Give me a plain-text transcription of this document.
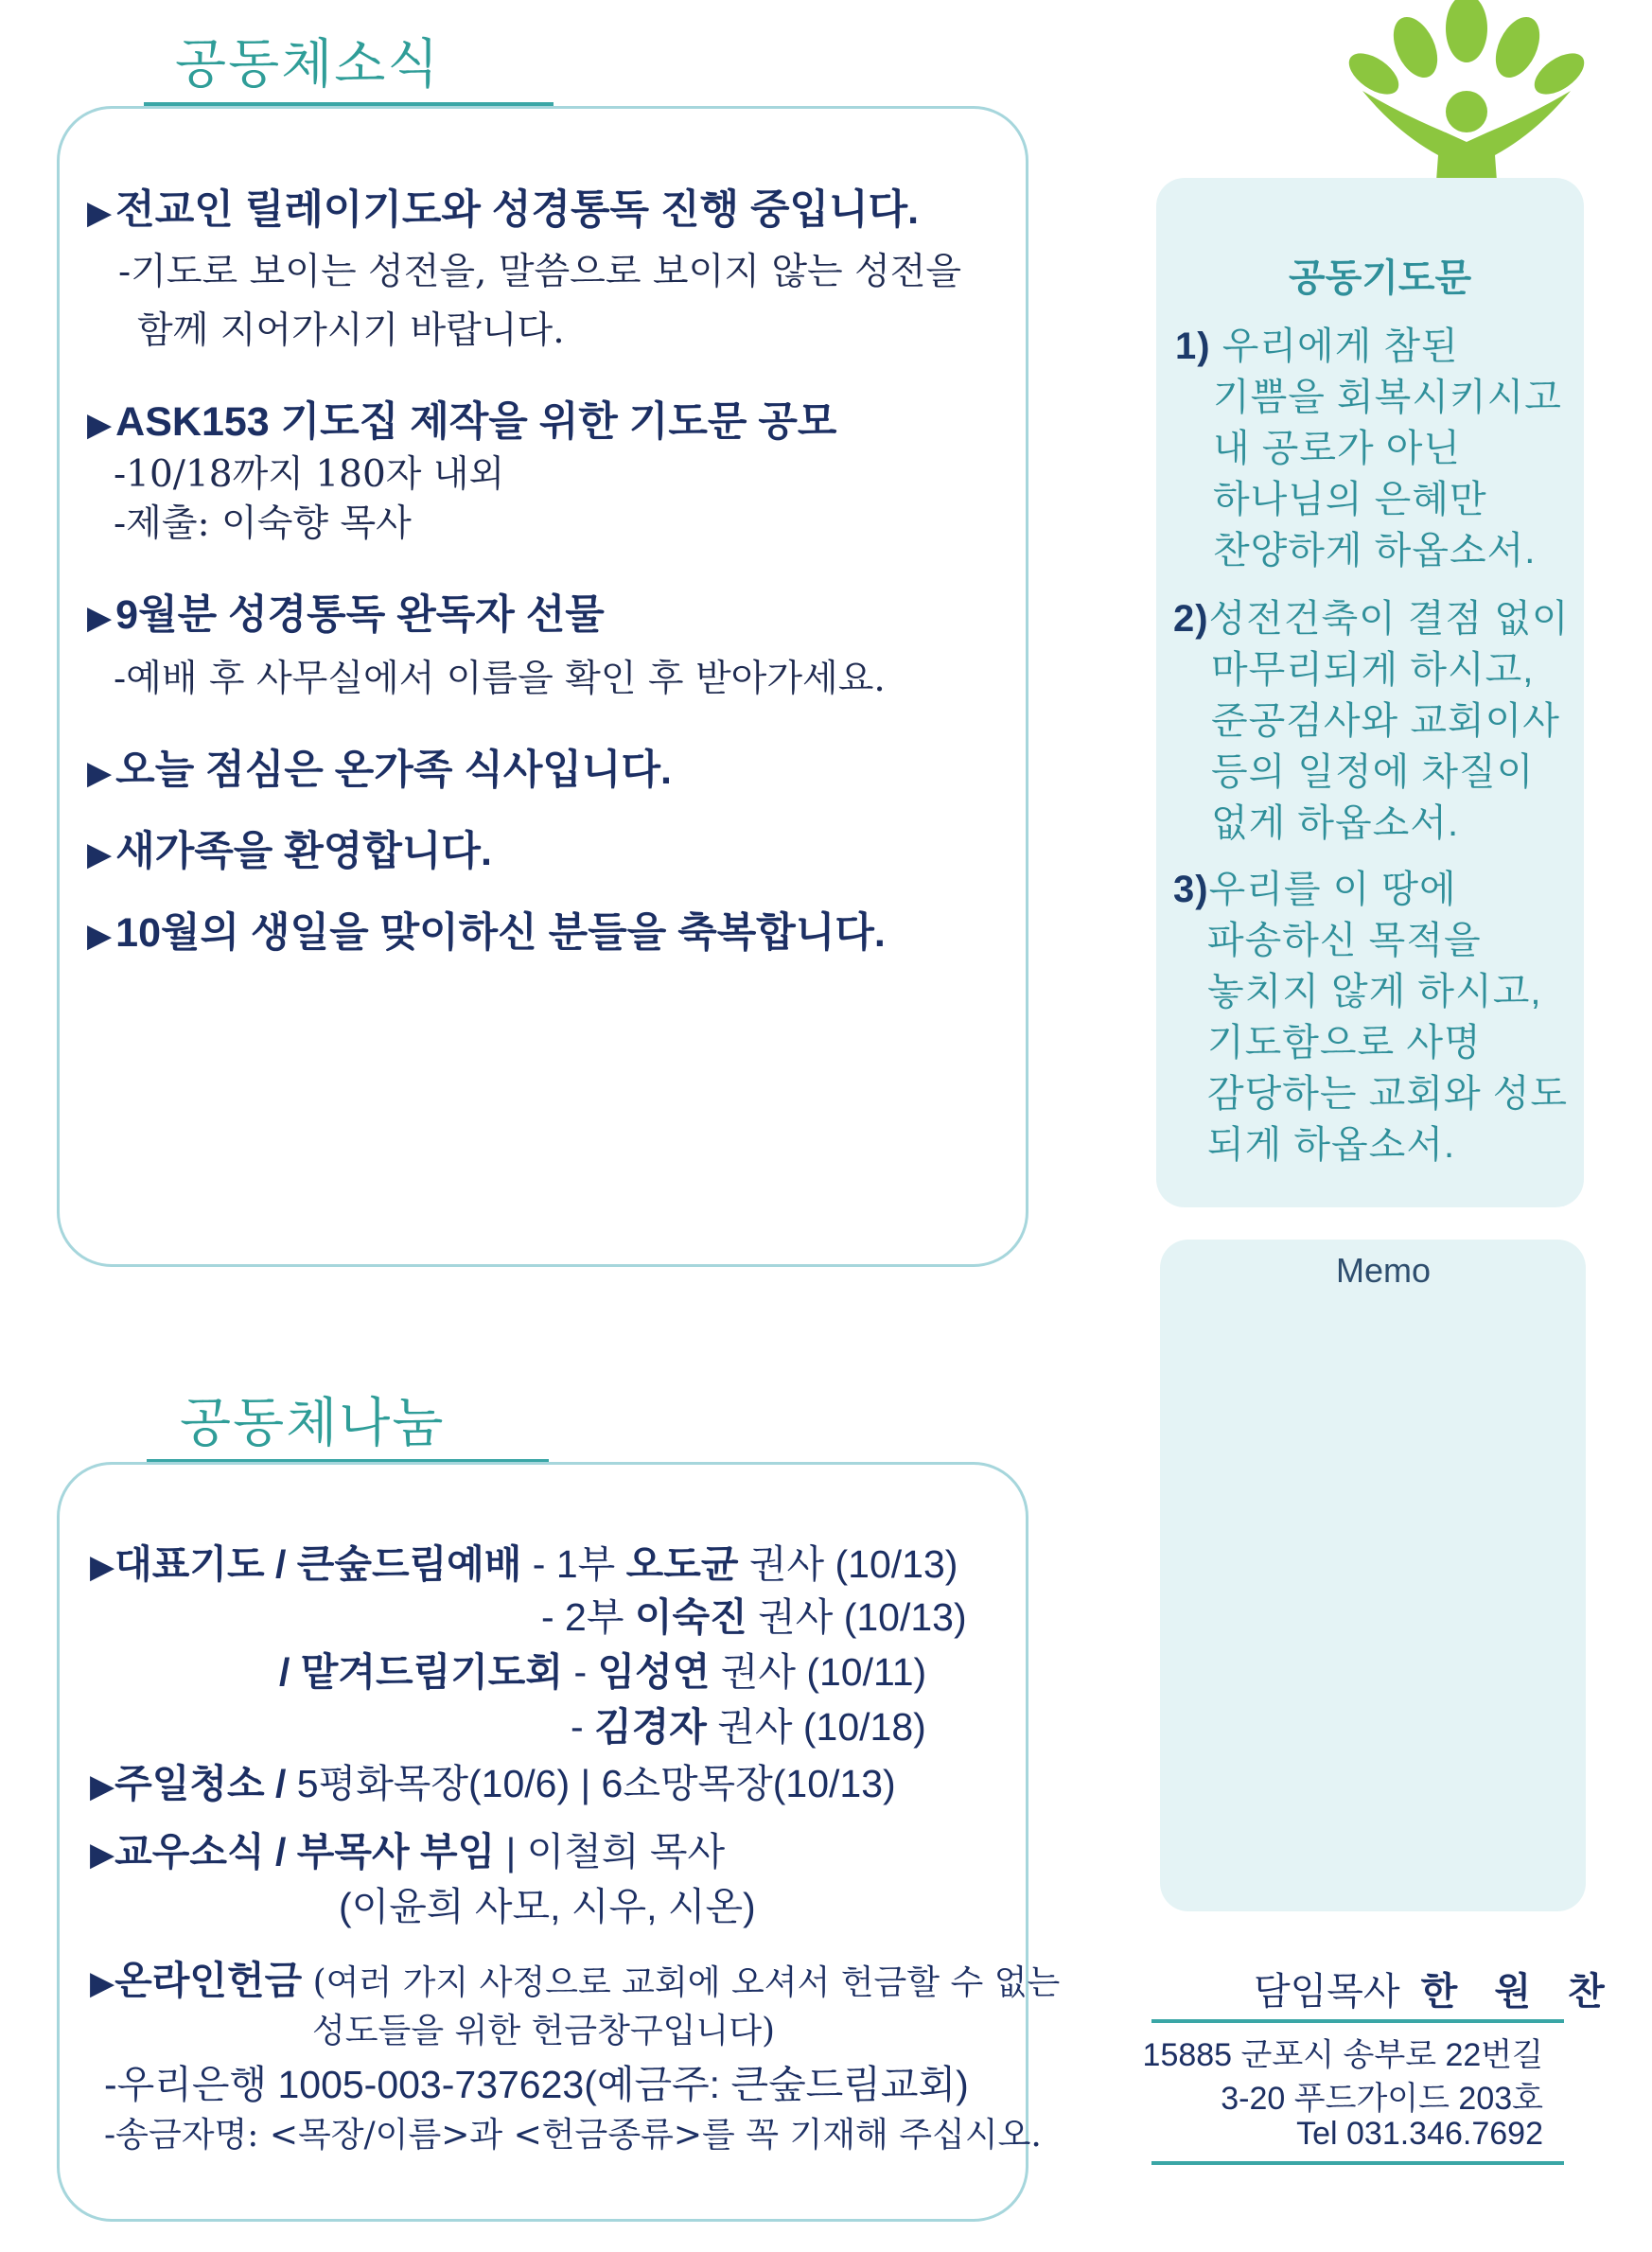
공동체소식
▶전교인 릴레이기도와 성경통독 진행 중입니다.
-기도로 보이는 성전을, 말씀으로 보이지 않는 성전을
함께 지어가시기 바랍니다.
▶ASK153 기도집 제작을 위한 기도문 공모
-10/18까지 180자 내외
-제출: 이숙향 목사
▶9월분 성경통독 완독자 선물
-예배 후 사무실에서 이름을 확인 후 받아가세요.
▶오늘 점심은 온가족 식사입니다.
▶새가족을 환영합니다.
▶10월의 생일을 맞이하신 분들을 축복합니다.
공동체나눔
▶대표기도 / 큰숲드림예배 - 1부 오도균 권사 (10/13)
- 2부 이숙진 권사 (10/13)
/ 맡겨드림기도회 - 임성연 권사 (10/11)
- 김경자 권사 (10/18)
▶주일청소 / 5평화목장(10/6) | 6소망목장(10/13)
▶교우소식 / 부목사 부임 | 이철희 목사
(이윤희 사모, 시우, 시온)
▶온라인헌금 (여러 가지 사정으로 교회에 오셔서 헌금할 수 없는
성도들을 위한 헌금창구입니다)
-우리은행 1005-003-737623(예금주: 큰숲드림교회)
-송금자명: <목장/이름>과 <헌금종류>를 꼭 기재해 주십시오.
공동기도문
1) 우리에게 참된
기쁨을 회복시키시고
내 공로가 아닌
하나님의 은혜만
찬양하게 하옵소서.
2)성전건축이 결점 없이
마무리되게 하시고,
준공검사와 교회이사
등의 일정에 차질이
없게 하옵소서.
3)우리를 이 땅에
파송하신 목적을
놓치지 않게 하시고,
기도함으로 사명
감당하는 교회와 성도
되게 하옵소서.
Memo
담임목사 한 원 찬
15885 군포시 송부로 22번길
3-20 푸드가이드 203호
Tel 031.346.7692
